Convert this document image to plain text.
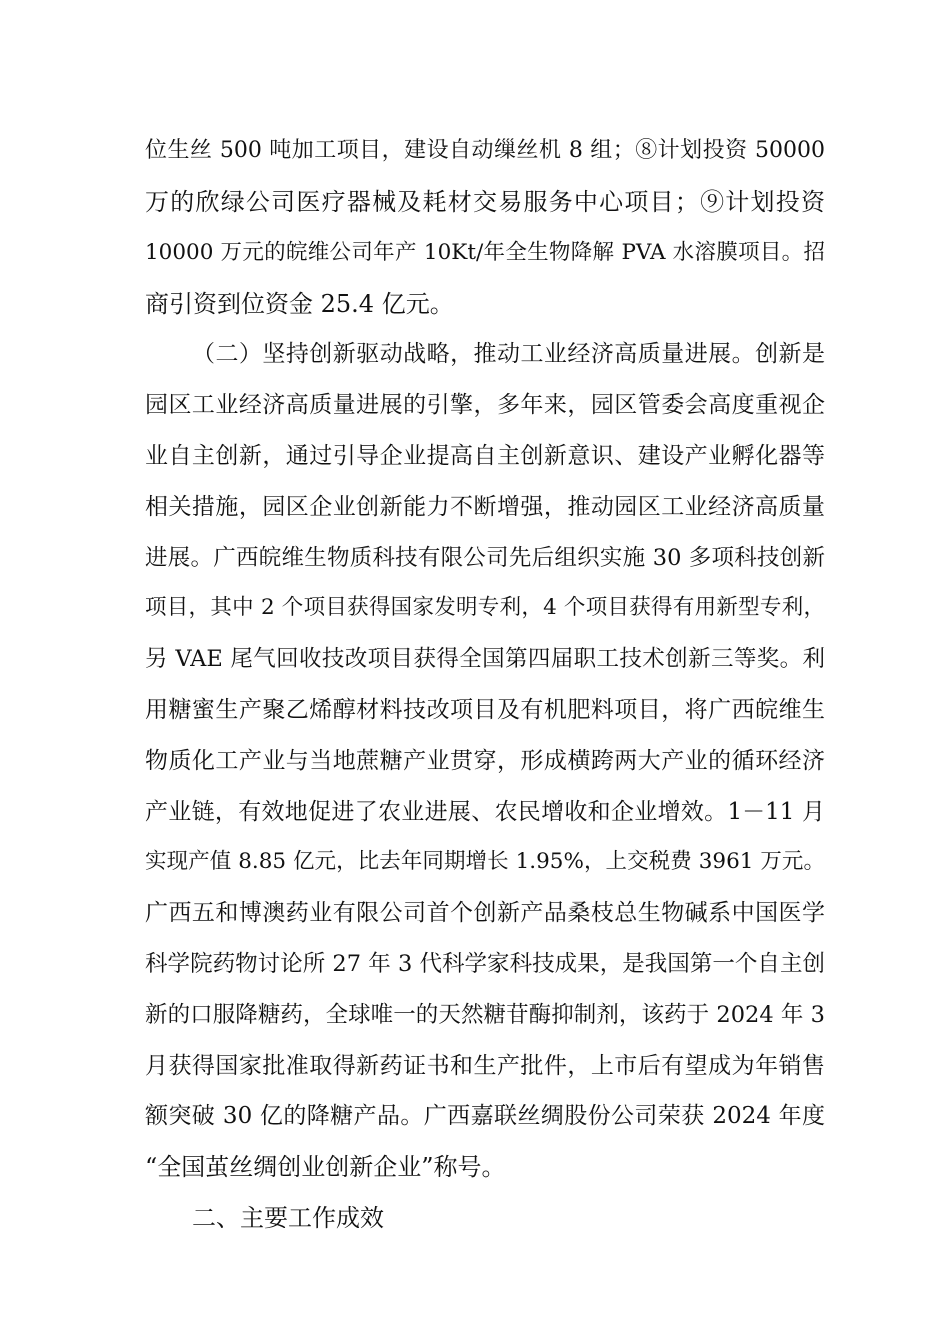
位生丝 500 吨加工项目，建设自动缫丝机 8 组；⑧计划投资 50000
万的欣绿公司医疗器械及耗材交易服务中心项目；⑨计划投资
10000 万元的皖维公司年产 10Kt/年全生物降解 PVA 水溶膜项目。招
商引资到位资金 25.4 亿元。
（二）坚持创新驱动战略，推动工业经济高质量进展。创新是
园区工业经济高质量进展的引擎，多年来，园区管委会高度重视企
业自主创新，通过引导企业提高自主创新意识、建设产业孵化器等
相关措施，园区企业创新能力不断增强，推动园区工业经济高质量
进展。广西皖维生物质科技有限公司先后组织实施 30 多项科技创新
项目，其中 2 个项目获得国家发明专利，4 个项目获得有用新型专利，
另 VAE 尾气回收技改项目获得全国第四届职工技术创新三等奖。利
用糖蜜生产聚乙烯醇材料技改项目及有机肥料项目，将广西皖维生
物质化工产业与当地蔗糖产业贯穿，形成横跨两大产业的循环经济
产业链，有效地促进了农业进展、农民增收和企业增效。1－11 月
实现产值 8.85 亿元，比去年同期增长 1.95%，上交税费 3961 万元。
广西五和博澳药业有限公司首个创新产品桑枝总生物碱系中国医学
科学院药物讨论所 27 年 3 代科学家科技成果，是我国第一个自主创
新的口服降糖药，全球唯一的天然糖苷酶抑制剂，该药于 2024 年 3
月获得国家批准取得新药证书和生产批件，上市后有望成为年销售
额突破 30 亿的降糖产品。广西嘉联丝绸股份公司荣获 2024 年度
“全国茧丝绸创业创新企业”称号。
二、主要工作成效
